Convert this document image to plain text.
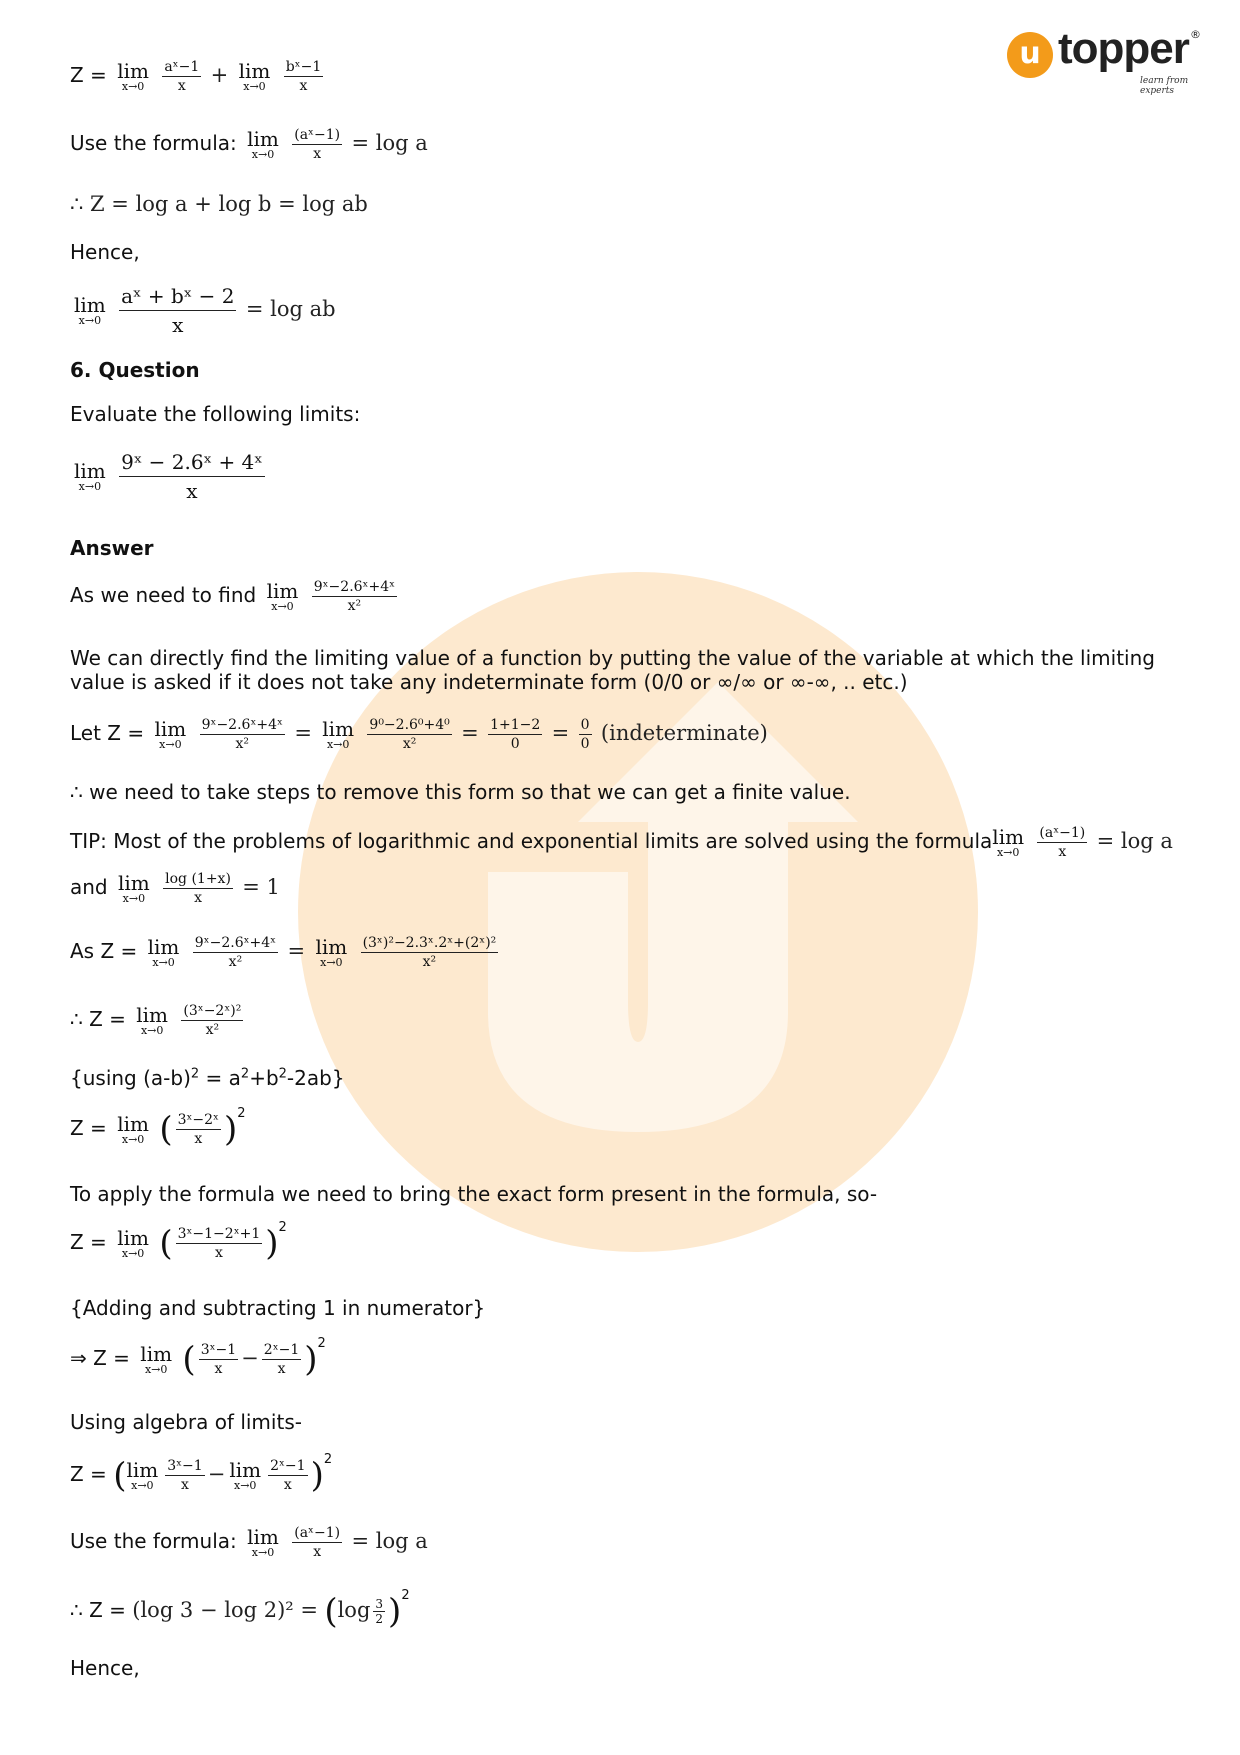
u topper ®
learn from experts
Z = lim
x→0
$\frac{\text{aˣ−1}}{x} + \lim$
x→0
$\frac{\text{bˣ−1}}{x}$
Use the formula: lim
x→0
$\frac{\text{(aˣ−1)}}{x} = \log a$
∴ Z = log a + log b = log ab
Hence,
lim
x→0
$\frac{\text{aˣ + bˣ − 2}}{x} = \log$ ab
6. Question
Evaluate the following limits:
lim
x→0
$\frac{\text{9ˣ − 2.6ˣ + 4ˣ}}{x}$
Answer
As we need to find lim
x→0
$\frac{\text{9ˣ−2.6ˣ+4ˣ}}{\text{x²}}$
We can directly find the limiting value of a function by putting the value of the variable at which the limiting
value is asked if it does not take any indeterminate form (0/0 or ∞/∞ or ∞-∞, .. etc.)
Let Z = lim
x→0
$\frac{\text{9ˣ−2.6ˣ+4ˣ}}{\text{x²}} = \lim$
x→0
$\frac{\text{9⁰−2.6⁰+4⁰}}{\text{x²}} = \frac{1+1-2}{0} = \frac{0}{0}$ (indeterminate)
∴ we need to take steps to remove this form so that we can get a finite value.
TIP: Most of the problems of logarithmic and exponential limits are solved using the formula lim
x→0
$\frac{\text{(aˣ−1)}}{x} = \log a$
and lim
x→0
$\frac{\log (1+x)}{x} = 1$
As Z = lim
x→0
$\frac{\text{9ˣ−2.6ˣ+4ˣ}}{\text{x²}} = \lim$
x→0
$\frac{\text{(3ˣ)²−2.3ˣ.2ˣ+(2ˣ)²}}{\text{x²}}$
∴ Z = lim
x→0
$\frac{\text{(3ˣ−2ˣ)²}}{\text{x²}}$
{using $(a-b)^2 = a^2+b^2-2ab$}
Z = lim
x→0 ( $\frac{\text{3ˣ−2ˣ}}{x} )^2$
To apply the formula we need to bring the exact form present in the formula, so-
Z = lim
x→0 ( $\frac{\text{3ˣ−1−2ˣ+1}}{x} )^2$
{Adding and subtracting 1 in numerator}
⇒ Z = lim
x→0 ( $\frac{\text{3ˣ−1}}{x} - \frac{\text{2ˣ−1}}{x} )^2$
Using algebra of limits-
Z = ( lim
$x\to 0 \frac{\text{3ˣ−1}}{x} - \lim$
$x\to 0 \frac{\text{2ˣ−1}}{x} )^2$
Use the formula: lim
x→0
$\frac{\text{(aˣ−1)}}{x} = \log a$
∴ Z = (log $3 - \log 2)^2 = (\log \frac{3}{2} )^2$
Hence,
